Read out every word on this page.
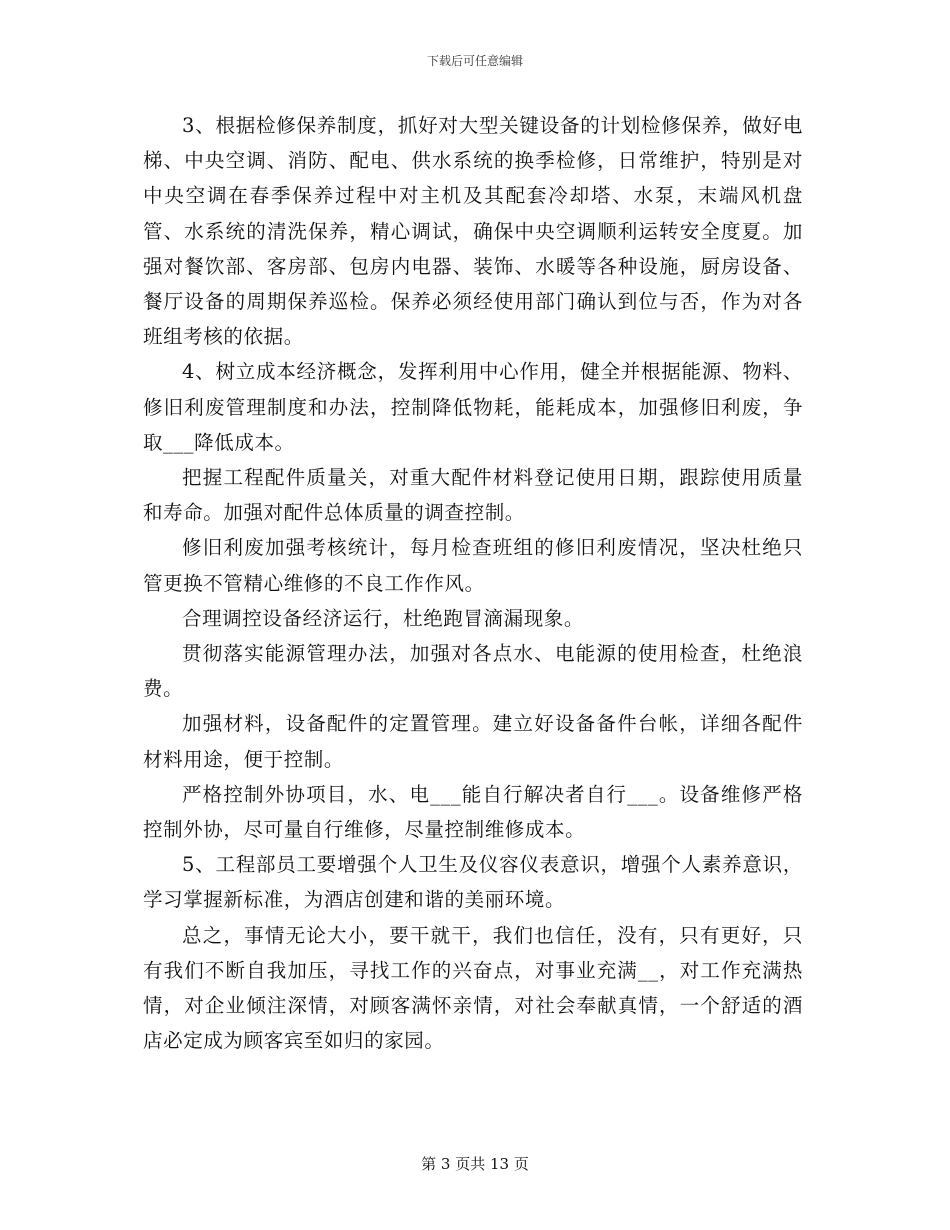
下载后可任意编辑

3、根据检修保养制度，抓好对大型关键设备的计划检修保养，做好电梯、中央空调、消防、配电、供水系统的换季检修，日常维护，特别是对中央空调在春季保养过程中对主机及其配套冷却塔、水泵，末端风机盘管、水系统的清洗保养，精心调试，确保中央空调顺利运转安全度夏。加强对餐饮部、客房部、包房内电器、装饰、水暖等各种设施，厨房设备、餐厅设备的周期保养巡检。保养必须经使用部门确认到位与否，作为对各班组考核的依据。

4、树立成本经济概念，发挥利用中心作用，健全并根据能源、物料、修旧利废管理制度和办法，控制降低物耗，能耗成本，加强修旧利废，争取___降低成本。

把握工程配件质量关，对重大配件材料登记使用日期，跟踪使用质量和寿命。加强对配件总体质量的调查控制。

修旧利废加强考核统计，每月检查班组的修旧利废情况，坚决杜绝只管更换不管精心维修的不良工作作风。

合理调控设备经济运行，杜绝跑冒滴漏现象。

贯彻落实能源管理办法，加强对各点水、电能源的使用检查，杜绝浪费。

加强材料，设备配件的定置管理。建立好设备备件台帐，详细各配件材料用途，便于控制。

严格控制外协项目，水、电___能自行解决者自行___。设备维修严格控制外协，尽可量自行维修，尽量控制维修成本。

5、工程部员工要增强个人卫生及仪容仪表意识，增强个人素养意识，学习掌握新标准，为酒店创建和谐的美丽环境。

总之，事情无论大小，要干就干，我们也信任，没有，只有更好，只有我们不断自我加压，寻找工作的兴奋点，对事业充满__，对工作充满热情，对企业倾注深情，对顾客满怀亲情，对社会奉献真情，一个舒适的酒店必定成为顾客宾至如归的家园。

第 3 页共 13 页
